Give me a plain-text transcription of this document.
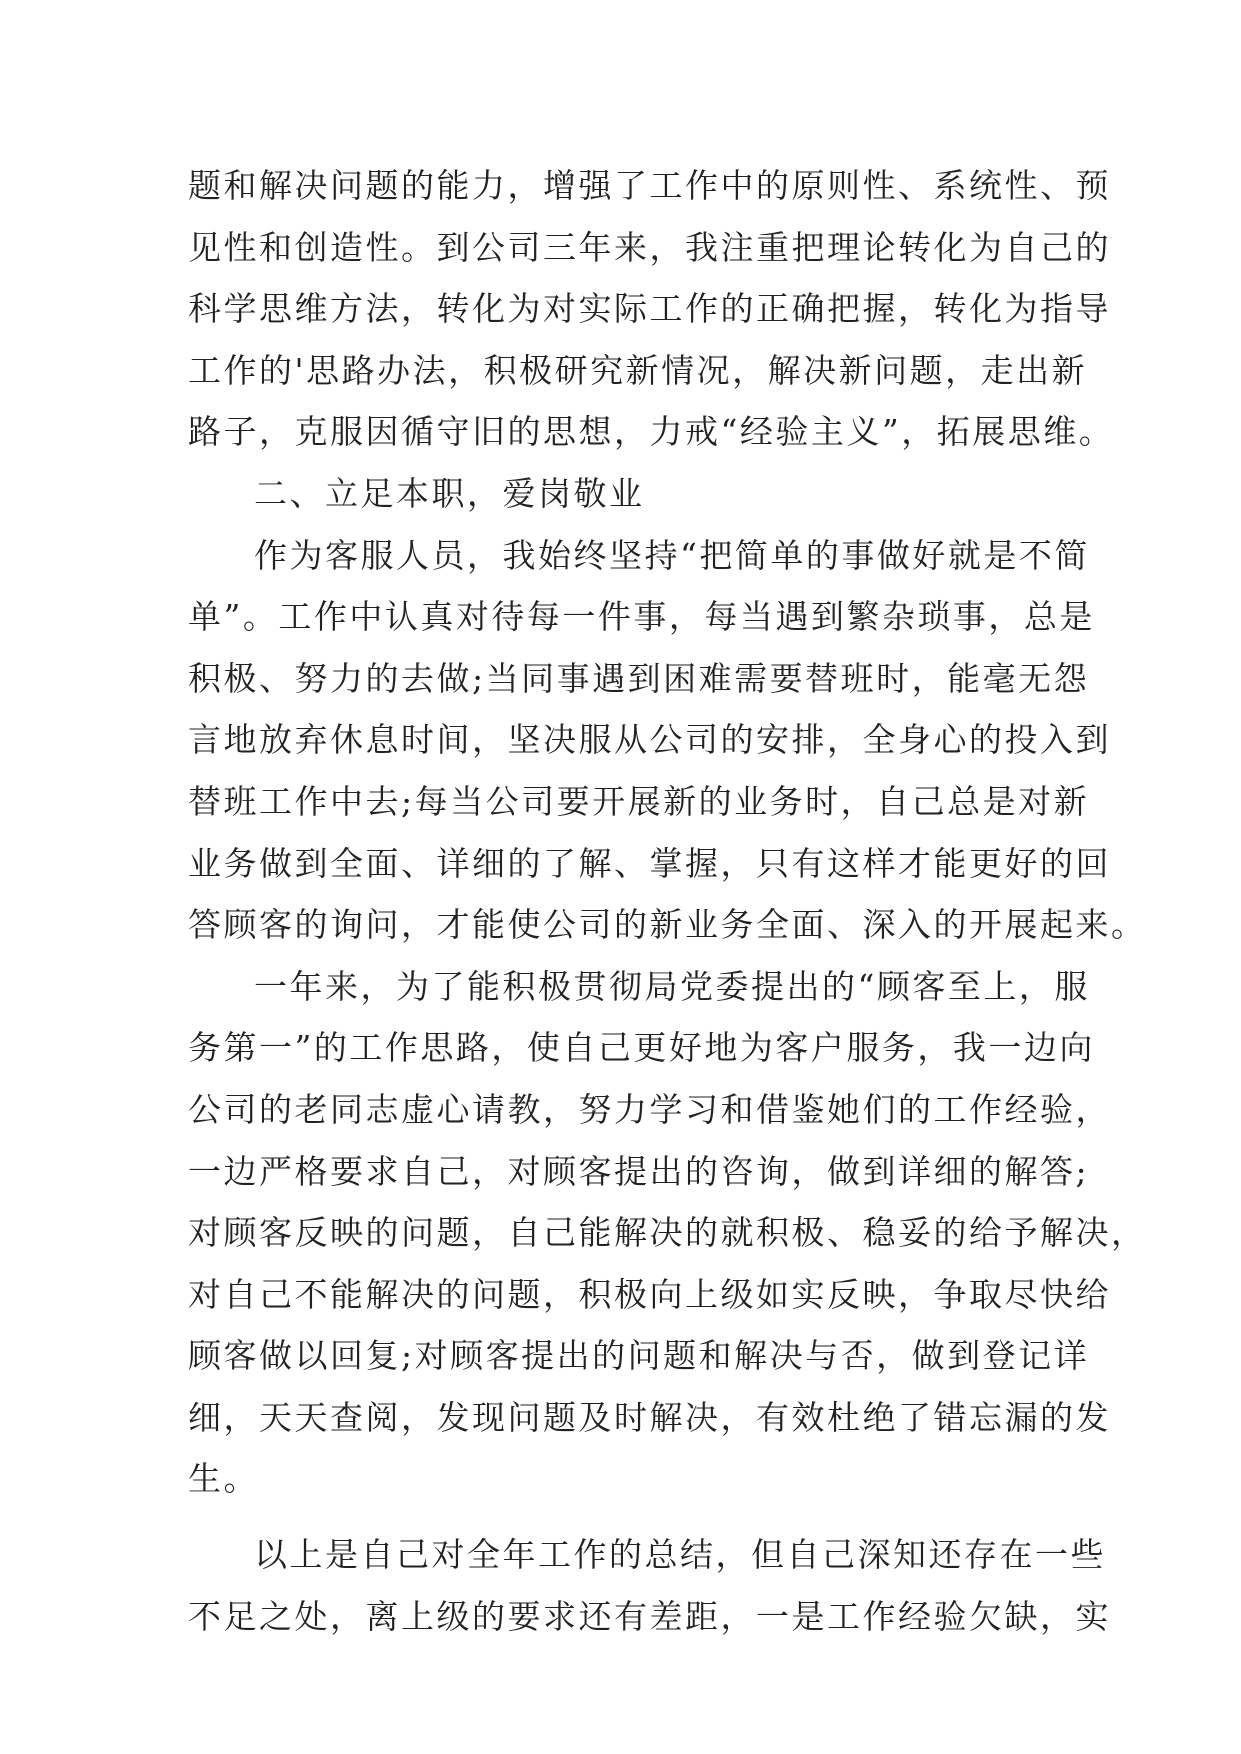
题和解决问题的能力，增强了工作中的原则性、系统性、预
见性和创造性。到公司三年来，我注重把理论转化为自己的
科学思维方法，转化为对实际工作的正确把握，转化为指导
工作的'思路办法，积极研究新情况，解决新问题，走出新
路子，克服因循守旧的思想，力戒“经验主义”，拓展思维。
二、立足本职，爱岗敬业
作为客服人员，我始终坚持“把简单的事做好就是不简
单”。工作中认真对待每一件事，每当遇到繁杂琐事，总是
积极、努力的去做;当同事遇到困难需要替班时，能毫无怨
言地放弃休息时间，坚决服从公司的安排，全身心的投入到
替班工作中去;每当公司要开展新的业务时，自己总是对新
业务做到全面、详细的了解、掌握，只有这样才能更好的回
答顾客的询问，才能使公司的新业务全面、深入的开展起来。
一年来，为了能积极贯彻局党委提出的“顾客至上，服
务第一”的工作思路，使自己更好地为客户服务，我一边向
公司的老同志虚心请教，努力学习和借鉴她们的工作经验，
一边严格要求自己，对顾客提出的咨询，做到详细的解答;
对顾客反映的问题，自己能解决的就积极、稳妥的给予解决，
对自己不能解决的问题，积极向上级如实反映，争取尽快给
顾客做以回复;对顾客提出的问题和解决与否，做到登记详
细，天天查阅，发现问题及时解决，有效杜绝了错忘漏的发
生。
以上是自己对全年工作的总结，但自己深知还存在一些
不足之处，离上级的要求还有差距，一是工作经验欠缺，实
